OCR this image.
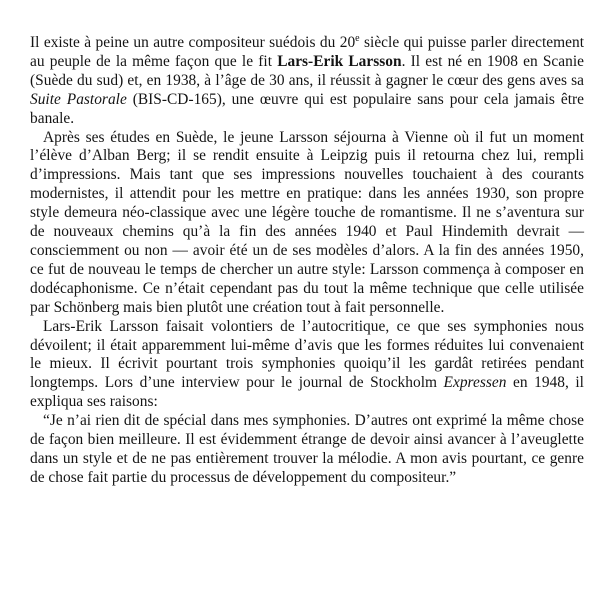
Il existe à peine un autre compositeur suédois du 20e siècle qui puisse parler directement au peuple de la même façon que le fit Lars-Erik Larsson. Il est né en 1908 en Scanie (Suède du sud) et, en 1938, à l’âge de 30 ans, il réussit à gagner le cœur des gens aves sa Suite Pastorale (BIS-CD-165), une œuvre qui est populaire sans pour cela jamais être banale.

Après ses études en Suède, le jeune Larsson séjourna à Vienne où il fut un moment l’élève d’Alban Berg; il se rendit ensuite à Leipzig puis il retourna chez lui, rempli d’impressions. Mais tant que ses impressions nouvelles touchaient à des courants modernistes, il attendit pour les mettre en pratique: dans les années 1930, son propre style demeura néo-classique avec une légère touche de romantisme. Il ne s’aventura sur de nouveaux chemins qu’à la fin des années 1940 et Paul Hindemith devrait — consciemment ou non — avoir été un de ses modèles d’alors. A la fin des années 1950, ce fut de nouveau le temps de chercher un autre style: Larsson commença à composer en dodécaphonisme. Ce n’était cependant pas du tout la même technique que celle utilisée par Schönberg mais bien plutôt une création tout à fait personnelle.

Lars-Erik Larsson faisait volontiers de l’autocritique, ce que ses symphonies nous dévoilent; il était apparemment lui-même d’avis que les formes réduites lui convenaient le mieux. Il écrivit pourtant trois symphonies quoiqu’il les gardât retirées pendant longtemps. Lors d’une interview pour le journal de Stockholm Expressen en 1948, il expliqua ses raisons:

“Je n’ai rien dit de spécial dans mes symphonies. D’autres ont exprimé la même chose de façon bien meilleure. Il est évidemment étrange de devoir ainsi avancer à l’aveuglette dans un style et de ne pas entièrement trouver la mélodie. A mon avis pourtant, ce genre de chose fait partie du processus de développement du compositeur.”
